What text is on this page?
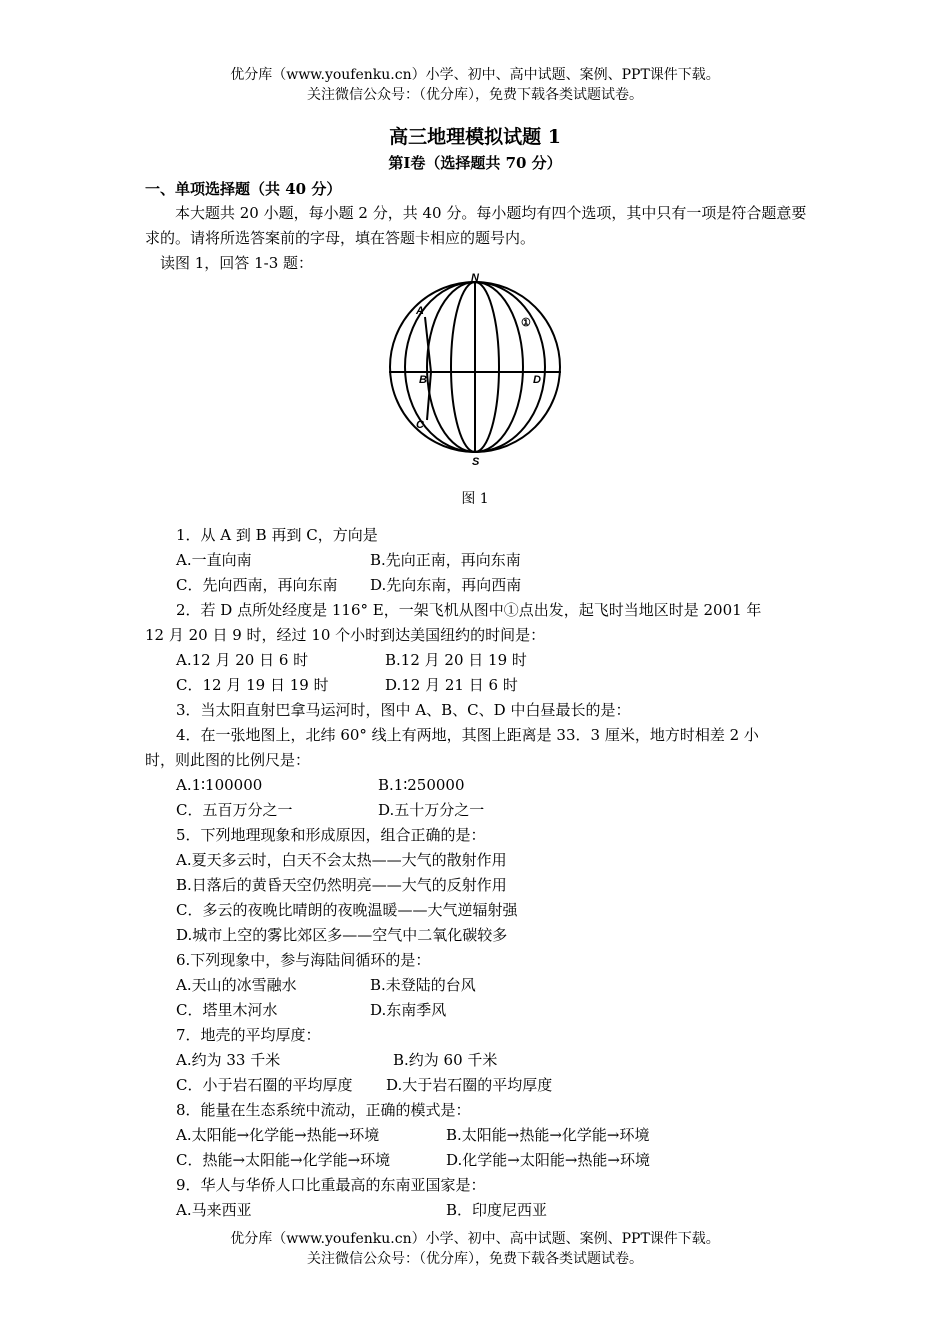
优分库（www.youfenku.cn）小学、初中、高中试题、案例、PPT课件下载。
关注微信公众号：（优分库），免费下载各类试题试卷。
高三地理模拟试题 1
第Ⅰ卷（选择题共 70 分）
一、单项选择题（共 40 分）
本大题共 20 小题，每小题 2 分，共 40 分。每小题均有四个选项，其中只有一项是符合题意要求的。请将所选答案前的字母，填在答题卡相应的题号内。
读图 1，回答 1-3 题：
N
S
A
B
C
D
①
图 1
1．从 A 到 B 再到 C，方向是
A.一直向南	B.先向正南，再向东南
C．先向西南，再向东南 D.先向东南，再向西南
2．若 D 点所处经度是 116° E，一架飞机从图中①点出发，起飞时当地区时是 2001 年
12 月 20 日 9 时，经过 10 个小时到达美国纽约的时间是：
A.12 月 20 日 6 时	B.12 月 20 日 19 时
C．12 月 19 日 19 时	D.12 月 21 日 6 时
3．当太阳直射巴拿马运河时，图中 A、B、C、D 中白昼最长的是：
4．在一张地图上，北纬 60° 线上有两地，其图上距离是 33．3 厘米，地方时相差 2 小
时，则此图的比例尺是：
A.1∶100000	B.1∶250000
C．五百万分之一	D.五十万分之一
5．下列地理现象和形成原因，组合正确的是：
A.夏天多云时，白天不会太热——大气的散射作用
B.日落后的黄昏天空仍然明亮——大气的反射作用
C．多云的夜晚比晴朗的夜晚温暖——大气逆辐射强
D.城市上空的雾比郊区多——空气中二氧化碳较多
6.下列现象中，参与海陆间循环的是：
A.天山的冰雪融水	B.未登陆的台风
C．塔里木河水	D.东南季风
7．地壳的平均厚度：
A.约为 33 千米	B.约为 60 千米
C．小于岩石圈的平均厚度 D.大于岩石圈的平均厚度
8．能量在生态系统中流动，正确的模式是：
A.太阳能→化学能→热能→环境	B.太阳能→热能→化学能→环境
C．热能→太阳能→化学能→环境	D.化学能→太阳能→热能→环境
9．华人与华侨人口比重最高的东南亚国家是：
A.马来西亚	B．印度尼西亚
优分库（www.youfenku.cn）小学、初中、高中试题、案例、PPT课件下载。
关注微信公众号：（优分库），免费下载各类试题试卷。
